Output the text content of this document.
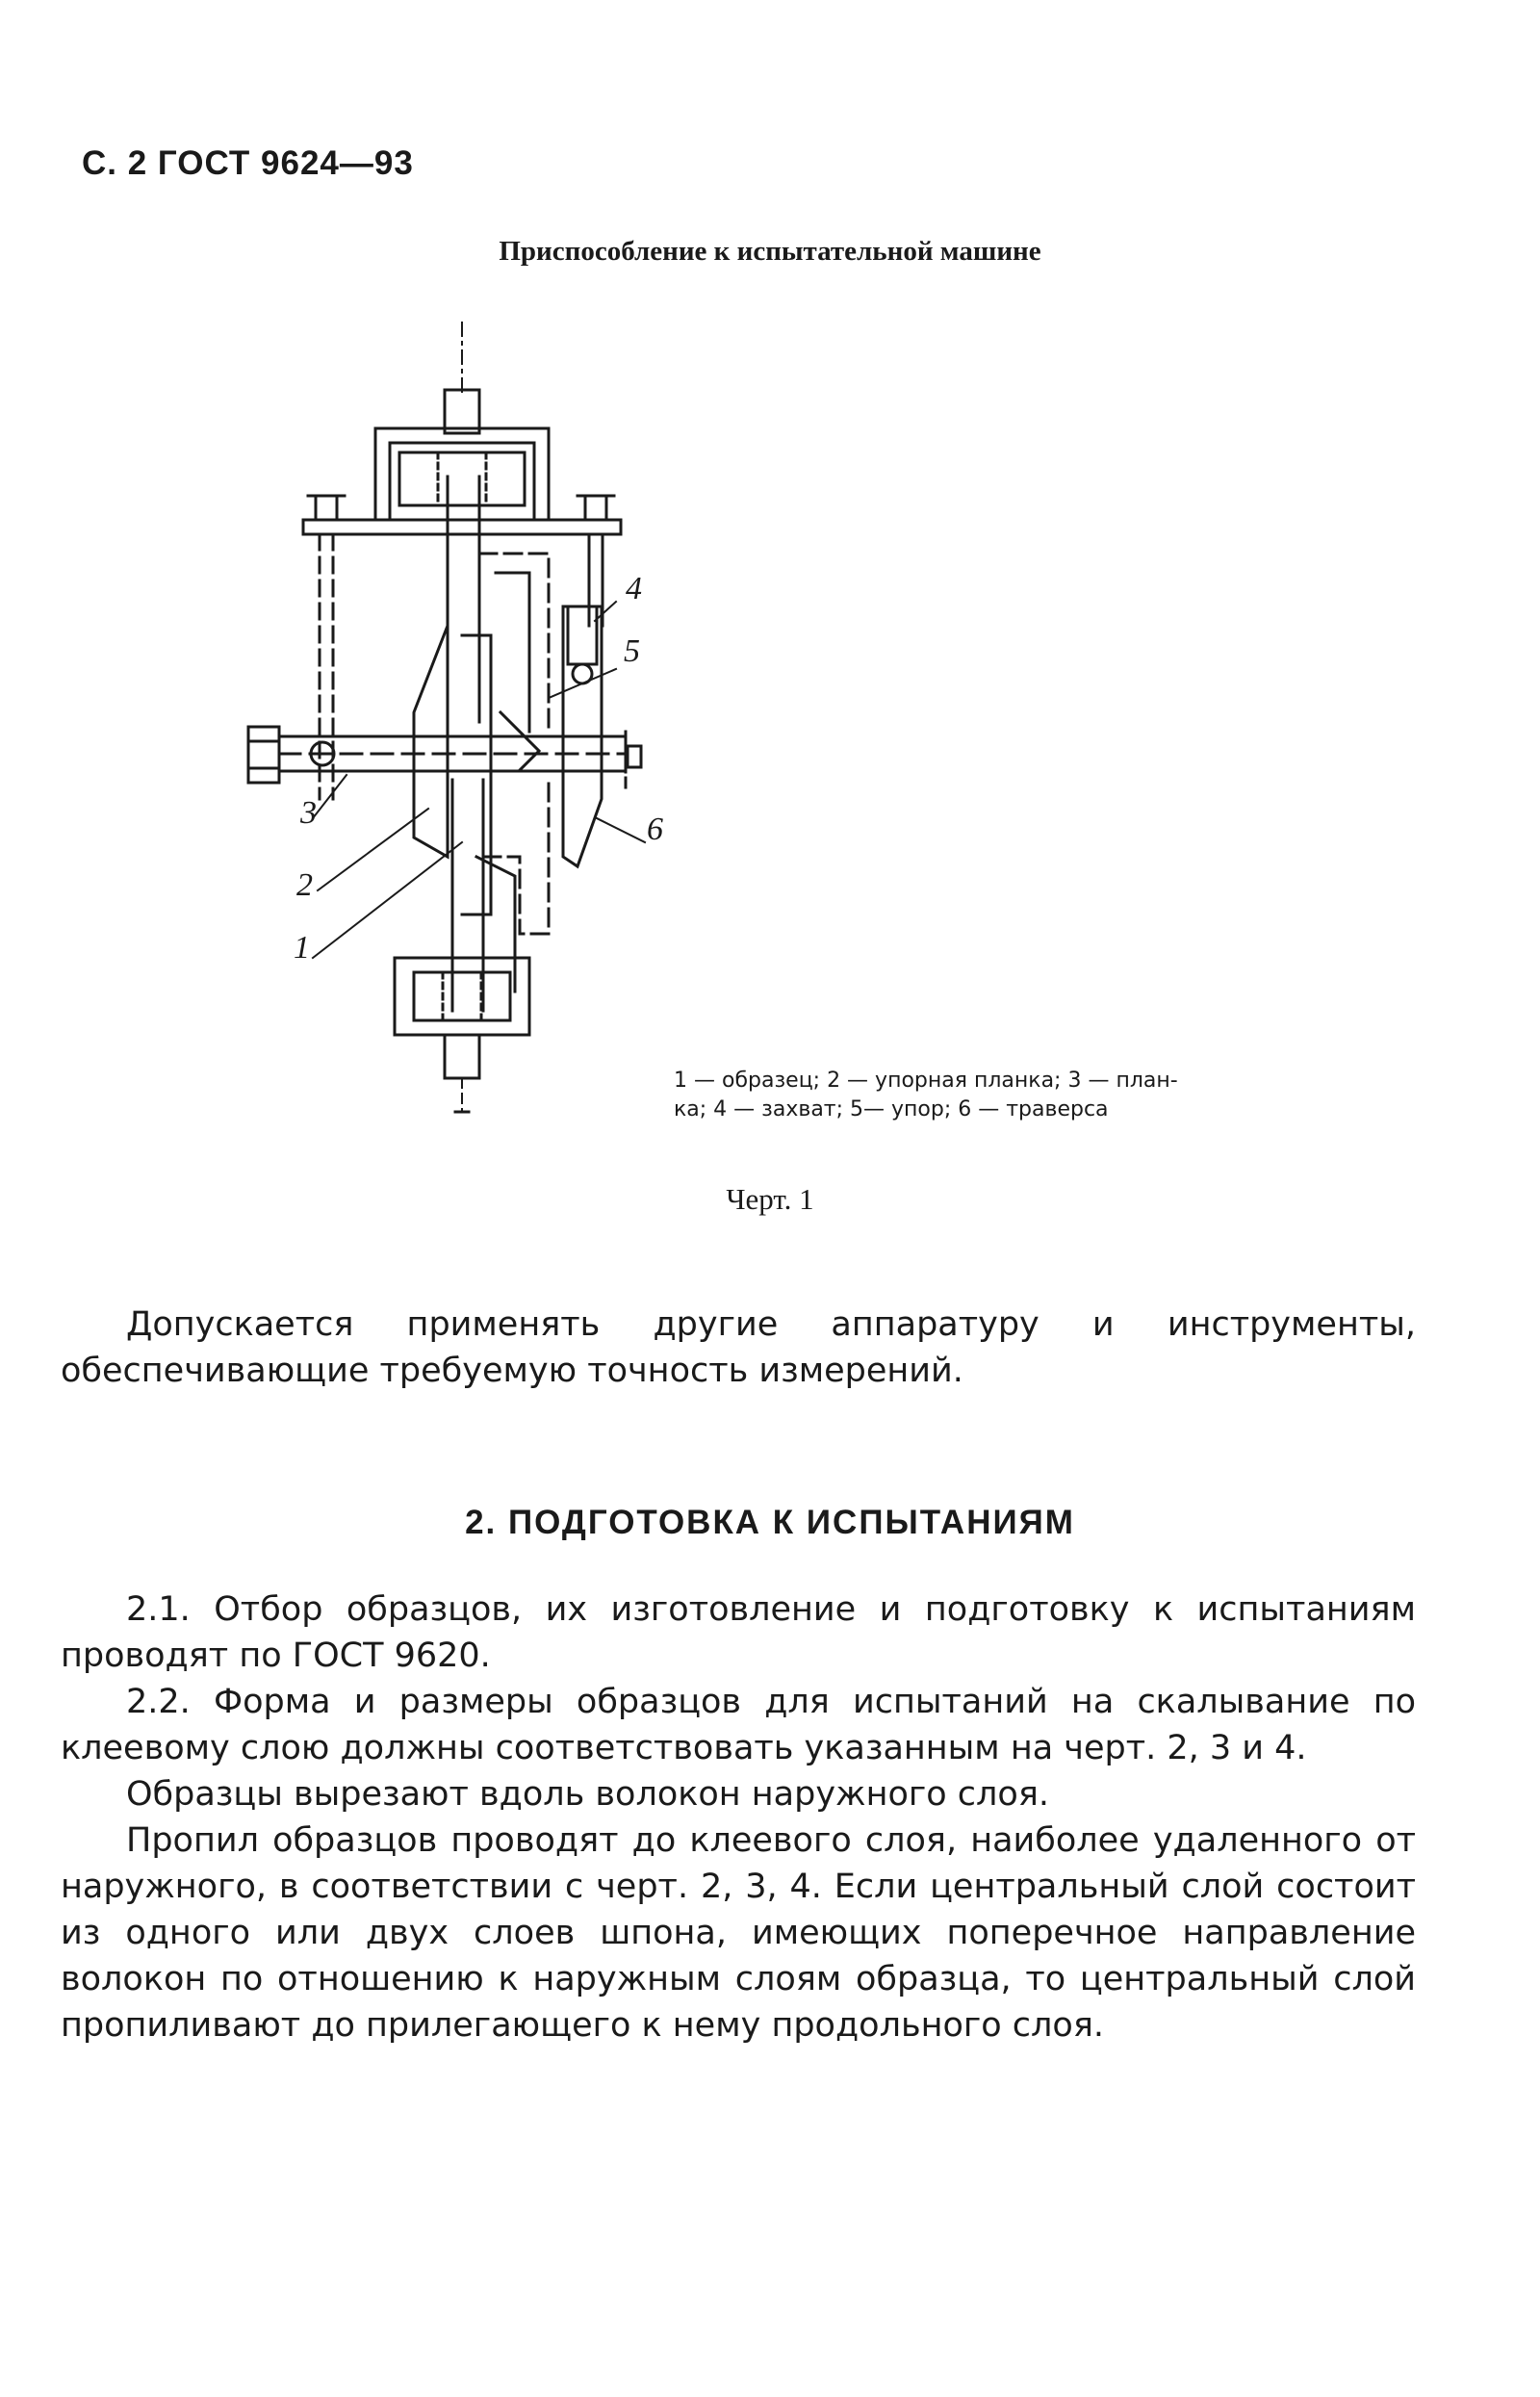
С. 2 ГОСТ 9624—93
Приспособление к испытательной машине
1
2
3
4
5
6
1 — образец; 2 — упорная планка; 3 — план-
ка; 4 — захват; 5— упор; 6 — траверса
Черт. 1

Допускается применять другие аппаратуру и инструменты, обеспечивающие требуемую точность измерений.

2. ПОДГОТОВКА К ИСПЫТАНИЯМ

2.1. Отбор образцов, их изготовление и подготовку к испытаниям проводят по ГОСТ 9620.

2.2. Форма и размеры образцов для испытаний на скалывание по клеевому слою должны соответствовать указанным на черт. 2, 3 и 4.

Образцы вырезают вдоль волокон наружного слоя.

Пропил образцов проводят до клеевого слоя, наиболее удаленного от наружного, в соответствии с черт. 2, 3, 4. Если центральный слой состоит из одного или двух слоев шпона, имеющих поперечное направление волокон по отношению к наружным слоям образца, то центральный слой пропиливают до прилегающего к нему продольного слоя.
